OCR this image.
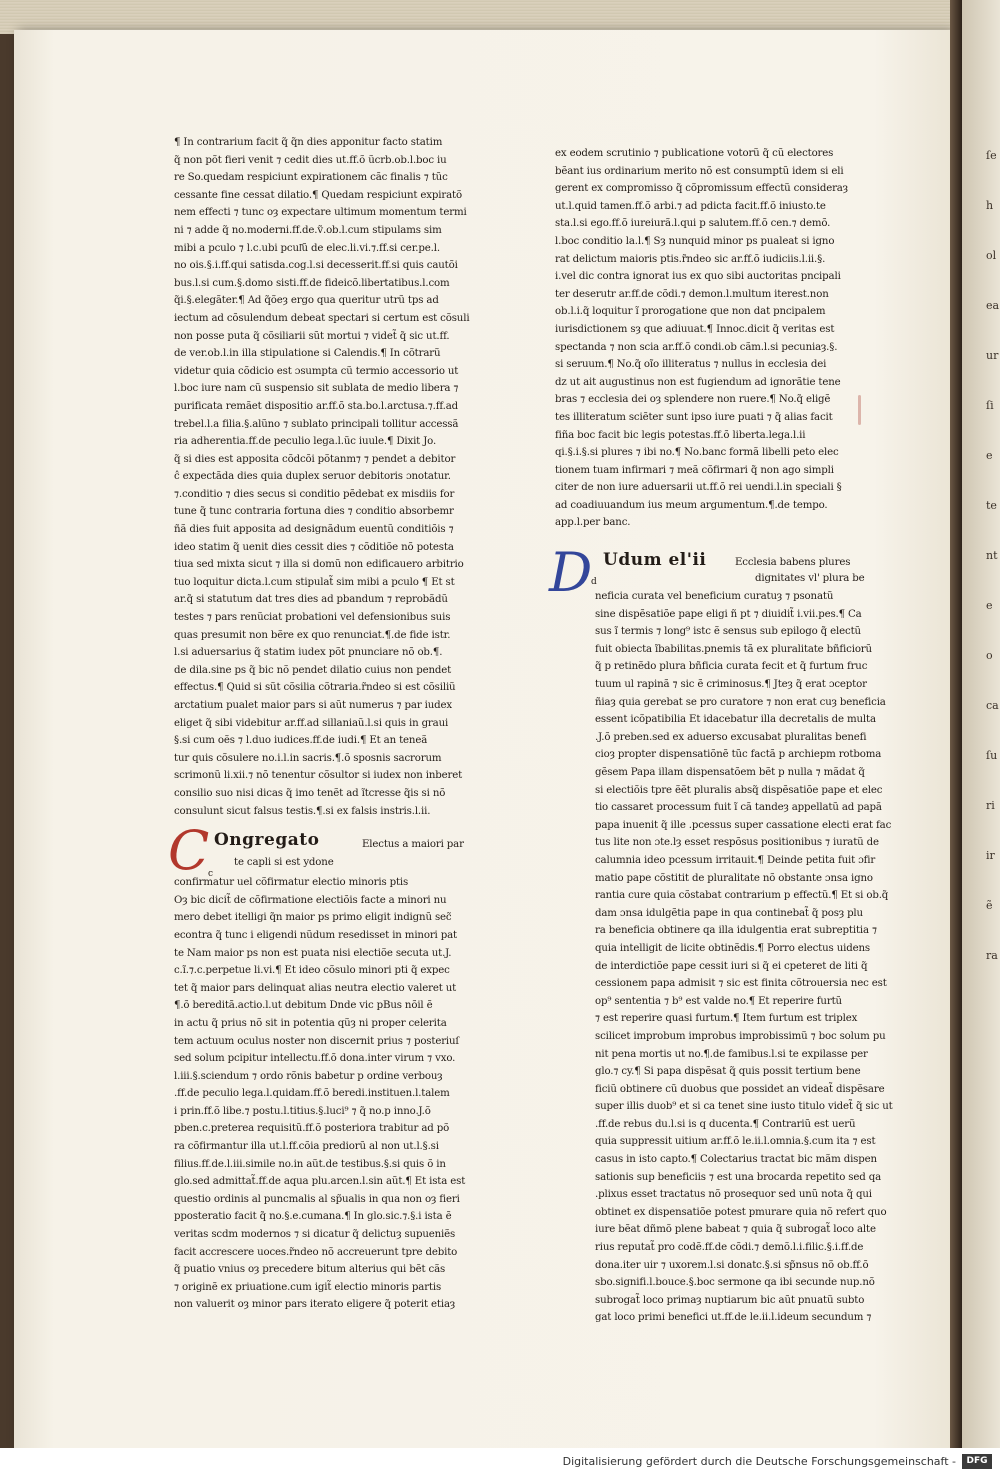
ſe
h
ol
ea
ur
ſi
e
te
nt
e
o
ca
ſu
ri
ir
ẽ
ra
¶ In contrarium facit q̃ q̃n dies apponitur facto statim
q̃ non põt fieri venit ⁊ cedit dies ut.ff.õ ũcrb.ob.l.boc iu
re So.quedam respiciunt expirationem cãc finalis ⁊ tũc
cessante fine cessat dilatio.¶ Quedam respiciunt expiratõ
nem effecti ⁊ tunc oȝ expectare ultimum momentum termi
ni ⁊ adde q̃ no.moderni.ff.de.ṽ.ob.l.cum stipulams sim
mibi a pculo ⁊ l.c.ubi pcul͂ũ de elec.li.vi.⁊.ff.si cer.pe.l.
no ois.§.i.ff.qui satisda.cog.l.si decesserit.ff.si quis cautõi
bus.l.si cum.§.domo sisti.ff.de fideicõ.libertatibus.l.com
q̃i.§.elegãter.¶ Ad q̃õeȝ ergo qua queritur utrũ tps ad
iectum ad cõsulendum debeat spectari si certum est cõsuli
non posse puta q̃ cõsiliarii sũt mortui ⁊ videt̃ q̃ sic ut.ff.
de ver.ob.l.in illa stipulatione si Calendis.¶ In cõtrarũ
videtur quia cõdicio est ɔsumpta cũ termio accessorio ut
l.boc iure nam cũ suspensio sit sublata de medio libera ⁊
purificata remãet dispositio ar.ff.õ sta.bo.l.arctusa.⁊.ff.ad
trebel.l.a filia.§.alũno ⁊ sublato principali tollitur accessã
ria adherentia.ff.de peculio lega.l.ũc iuule.¶ Dixit Jo.
q̃ si dies est apposita cõdcõi põtanm⁊ ⁊ pendet a debitor
ĉ expectãda dies quia duplex seruor debitoris ɔnotatur.
⁊.conditio ⁊ dies secus si conditio pẽdebat ex misdiis for
tune q̃ tunc contraria fortuna dies ⁊ conditio absorbemr
ñã dies fuit apposita ad designãdum euentũ conditiõis ⁊
ideo statim q̃ uenit dies cessit dies ⁊ cõditiõe nõ potesta
tiua sed mixta sicut ⁊ illa si domũ non edificauero arbitrio
tuo loquitur dicta.l.cum stipulat̃ sim mibi a pculo ¶ Et st
ar.q̃ si statutum dat tres dies ad pbandum ⁊ reprobãdũ
testes ⁊ pars renũciat probationi vel defensionibus suis
quas presumit non bẽre ex quo renunciat.¶.de fide istr.
l.si aduersarius q̃ statim iudex põt pnunciare nõ ob.¶.
de dila.sine ps q̃ bic nõ pendet dilatio cuius non pendet
effectus.¶ Quid si sũt cõsilia cõtraria.r̃ndeo si est cõsiliũ
arctatium pualet maior pars si aũt numerus ⁊ par iudex
eliget q̃ sibi videbitur ar.ff.ad sillaniaũ.l.si quis in graui
§.si cum oẽs ⁊ l.duo iudices.ff.de iudi.¶ Et an teneã
tur quis cõsulere no.i.l.in sacris.¶.õ sposnis sacrorum
scrimonũ li.xii.⁊ nõ tenentur cõsultor si iudex non inberet
consilio suo nisi dicas q̃ imo tenẽt ad ĩtcresse q̃is si nõ
consulunt sicut falsus testis.¶.si ex falsis instris.l.ii.
C
c
Ongregato	Electus a maiori par
te capli si est ydone
confirmatur uel cõfirmatur electio minoris ptis
Oȝ bic dicit̃ de cõfirmatione electiõis facte a minori nu
mero debet itelligi q̃n maior ps primo eligit indignũ sec̃
econtra q̃ tunc i eligendi nũdum resedisset in minori pat
te Nam maior ps non est puata nisi electiõe secuta ut.J.
c.ĩ.⁊.c.perpetue li.vi.¶ Et ideo cõsulo minori pti q̃ expec
tet q̃ maior pars delinquat alias neutra electio valeret ut
¶.õ bereditã.actio.l.ut debitum Dnde vic pBus nõil ẽ
in actu q̃ prius nõ sit in potentia qũȝ ni proper celerita
tem actuum oculus noster non discernit prius ⁊ posteriuſ
sed solum pcipitur intellectu.ff.õ dona.inter virum ⁊ vxo.
l.iii.§.sciendum ⁊ ordo rõnis babetur p ordine verbouȝ
.ff.de peculio lega.l.quidam.ff.õ beredi.instituen.l.talem
i prin.ff.õ libe.⁊ postu.l.titius.§.luci⁹ ⁊ q̃ no.p inno.J.õ
pben.c.preterea requisitũ.ff.õ posteriora trabitur ad põ
ra cõfirmantur illa ut.l.ff.cõia prediorũ al non ut.l.§.si
filius.ff.de.l.iii.simile no.in aũt.de testibus.§.si quis õ in
glo.sed admittat̃.ff.de aqua plu.arcen.l.sin aũt.¶ Et ista est
questio ordinis al puncmalis al sp̃ualis in qua non oȝ fieri
pposteratio facit q̃ no.§.e.cumana.¶ In glo.sic.⁊.§.i ista ẽ
veritas scdm modernos ⁊ si dicatur q̃ delictuȝ supueniẽs
facit accrescere uoces.r̃ndeo nõ accreuerunt tpre debito
q̃ puatio vnius oȝ precedere bitum alterius qui bẽt cãs
⁊ originẽ ex priuatione.cum igit̃ electio minoris partis
non valuerit oȝ minor pars iterato eligere q̃ poterit etiaȝ
ex eodem scrutinio ⁊ publicatione votorũ q̃ cũ electores
bẽant ius ordinarium merito nõ est consumptũ idem si eli
gerent ex compromisso q̃ cõpromissum effectũ consideraȝ
ut.l.quid tamen.ff.õ arbi.⁊ ad pdicta facit.ff.õ iniusto.te
sta.l.si ego.ff.õ iureiurã.l.qui p salutem.ff.õ cen.⁊ demõ.
l.boc conditio la.l.¶ Sȝ nunquid minor ps pualeat si igno
rat delictum maioris ptis.r̃ndeo sic ar.ff.õ iudiciis.l.ii.§.
i.vel dic contra ignorat ius ex quo sibi auctoritas pncipali
ter deserutr ar.ff.de cõdi.⁊ demon.l.multum iterest.non
ob.l.i.q̃ loquitur ĩ prorogatione que non dat pncipalem
iurisdictionem sȝ que adiuuat.¶ Innoc.dicit q̃ veritas est
spectanda ⁊ non scia ar.ff.õ condi.ob cãm.l.si pecuniaȝ.§.
si seruum.¶ No.q̃ oĩo illiteratus ⁊ nullus in ecclesia dei
dz ut ait augustinus non est fugiendum ad ignorãtie tene
bras ⁊ ecclesia dei oȝ splendere non ruere.¶ No.q̃ eligẽ
tes illiteratum sciẽter sunt ipso iure puati ⁊ q̃ alias facit
fiña boc facit bic legis potestas.ff.õ liberta.lega.l.ii
qi.§.i.§.si plures ⁊ ibi no.¶ No.banc formã libelli peto elec
tionem tuam infirmari ⁊ meã cõfirmari q̃ non ago simpli
citer de non iure aduersarii ut.ff.õ rei uendi.l.in speciali §
ad coadiuuandum ius meum argumentum.¶.de tempo.
app.l.per banc.
D
d
Udum el'ii	Ecclesia babens plures
dignitates vl' plura be
neficia curata vel beneficium curatuȝ ⁊ psonatũ
sine dispẽsatiõe pape eligi ñ pt ⁊ diuidit̃ i.vii.pes.¶ Ca
sus ĩ termis ⁊ long⁹ istc ẽ sensus sub epilogo q̃ electũ
fuit obiecta ĩbabilitas.pnemis tã ex pluralitate bñficiorũ
q̃ p retinẽdo plura bñficia curata fecit et q̃ furtum fruc
tuum ul rapinã ⁊ sic ẽ criminosus.¶ Jteȝ q̃ erat ɔceptor
ñiaȝ quia gerebat se pro curatore ⁊ non erat cuȝ beneficia
essent icõpatibilia Et idacebatur illa decretalis de multa
.J.õ preben.sed ex aduerso excusabat pluralitas benefi
cioȝ propter dispensatiõnẽ tũc factã p archiepm rotboma
gẽsem Papa illam dispensatõem bẽt p nulla ⁊ mãdat q̃
si electiõis tpre ẽẽt pluralis absq̃ dispẽsatiõe pape et elec
tio cassaret processum fuit ĩ cã tandeȝ appellatũ ad papã
papa inuenit q̃ ille .pcessus super cassatione electi erat fac
tus lite non ɔte.lȝ esset respõsus positionibus ⁊ iuratũ de
calumnia ideo pcessum irritauit.¶ Deinde petita fuit ɔfir
matio pape cõstitit de pluralitate nõ obstante ɔnsa igno
rantia cure quia cõstabat contrarium p effectũ.¶ Et si ob.q̃
dam ɔnsa idulgẽtia pape in qua continebat̃ q̃ posȝ plu
ra beneficia obtinere qa illa idulgentia erat subreptitia ⁊
quia intelligit de licite obtinẽdis.¶ Porro electus uidens
de interdictiõe pape cessit iuri si q̃ ei cpeteret de liti q̃
cessionem papa admisit ⁊ sic est finita cõtrouersia nec est
op⁹ sententia ⁊ b⁹ est valde no.¶ Et reperire furtũ
⁊ est reperire quasi furtum.¶ Item furtum est triplex
scilicet improbum improbus improbissimũ ⁊ boc solum pu
nit pena mortis ut no.¶.de famibus.l.si te expilasse per
glo.⁊ cy.¶ Si papa dispẽsat q̃ quis possit tertium bene
ficiũ obtinere cũ duobus que possidet an videat̃ dispẽsare
super illis duob⁹ et si ca tenet sine iusto titulo videt̃ q̃ sic ut
.ff.de rebus du.l.si is q ducenta.¶ Contrariũ est uerũ
quia suppressit uitium ar.ff.õ le.ii.l.omnia.§.cum ita ⁊ est
casus in isto capto.¶ Colectarius tractat bic mãm dispen
sationis sup beneficiis ⁊ est una brocarda repetito sed qa
.plixus esset tractatus nõ prosequor sed unũ nota q̃ qui
obtinet ex dispensatiõe potest pmurare quia nõ refert quo
iure bẽat dñmõ plene babeat ⁊ quia q̃ subrogat̃ loco alte
rius reputat̃ pro codẽ.ff.de cõdi.⁊ demõ.l.i.filic.§.i.ff.de
dona.iter uir ⁊ uxorem.l.si donatc.§.si sp̃nsus nõ ob.ff.õ
sbo.signifi.l.bouce.§.boc sermone qa ibi secunde nup.nõ
subrogat̃ loco primaȝ nuptiarum bic aũt pnuatũ subto
gat loco primi benefici ut.ff.de le.ii.l.ideum secundum ⁊
Digitalisierung gefördert durch die Deutsche Forschungsgemeinschaft -	DFG
